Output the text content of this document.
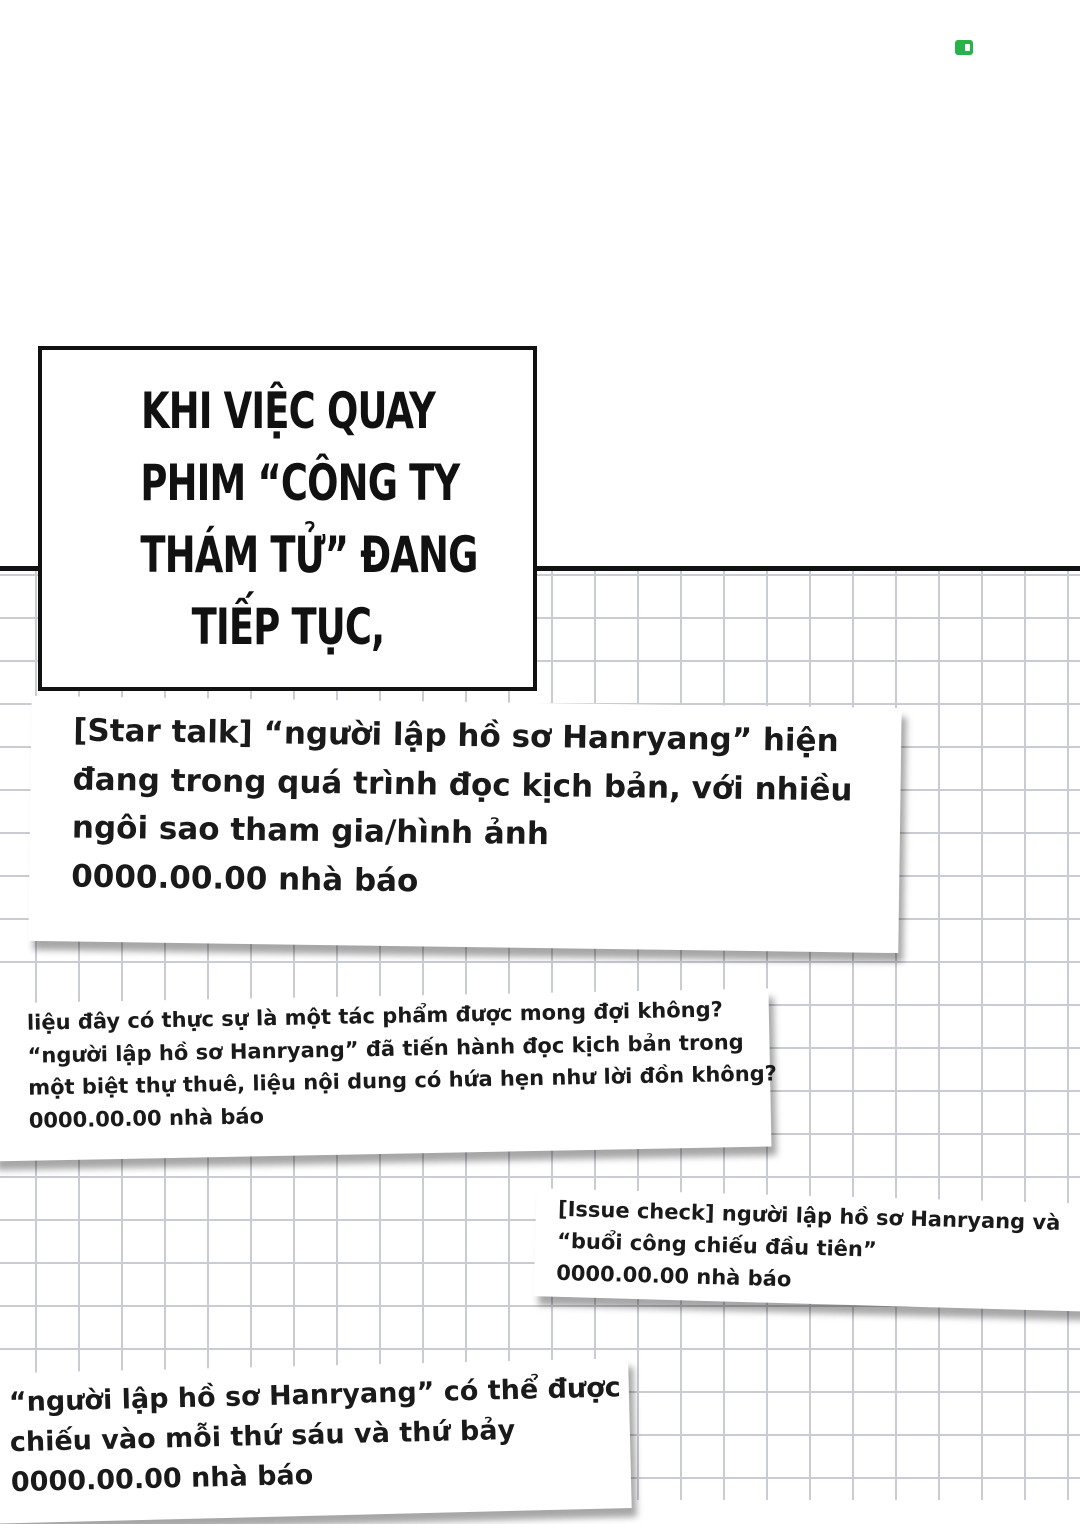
KHI VIỆC QUAY
PHIM “CÔNG TY
THÁM TỬ” ĐANG
TIẾP TỤC,
[Star talk] “người lập hồ sơ Hanryang” hiện
đang trong quá trình đọc kịch bản, với nhiều
ngôi sao tham gia/hình ảnh
0000.00.00 nhà báo
liệu đây có thực sự là một tác phẩm được mong đợi không?
“người lập hồ sơ Hanryang” đã tiến hành đọc kịch bản trong
một biệt thự thuê, liệu nội dung có hứa hẹn như lời đồn không?
0000.00.00 nhà báo
[Issue check] người lập hồ sơ Hanryang và
“buổi công chiếu đầu tiên”
0000.00.00 nhà báo
“người lập hồ sơ Hanryang” có thể được
chiếu vào mỗi thứ sáu và thứ bảy
0000.00.00 nhà báo
